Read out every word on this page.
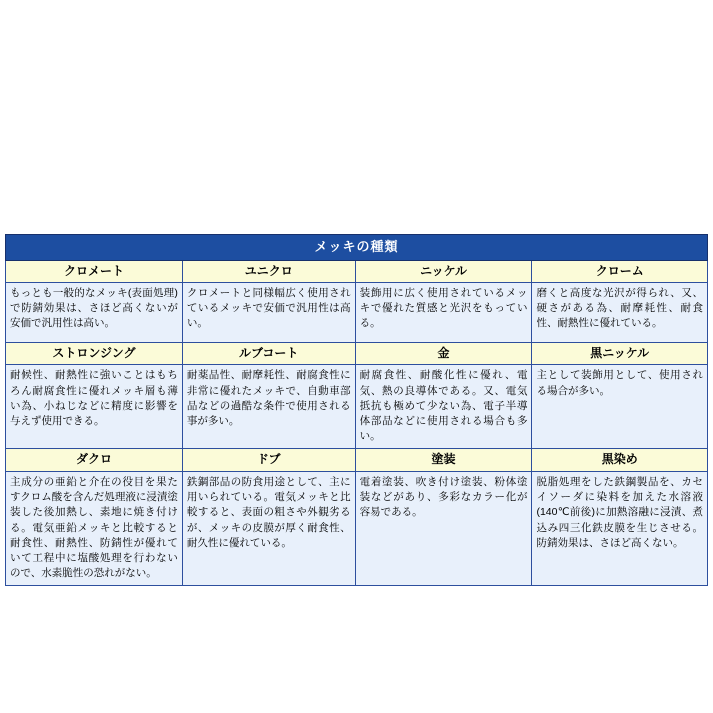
メッキの種類			
クロメート	ユニクロ	ニッケル	クローム

もっとも一般的なメッキ(表面処理)で防錆効果は、さほど高くないが安価で汎用性は高い。	クロメートと同様幅広く使用されているメッキで安価で汎用性は高い。	装飾用に広く使用されているメッキで優れた質感と光沢をもっている。	磨くと高度な光沢が得られ、又、硬さがある為、耐摩耗性、耐食性、耐熱性に優れている。

ストロンジング	ルブコート	金	黒ニッケル

耐候性、耐熱性に強いことはもちろん耐腐食性に優れメッキ層も薄い為、小ねじなどに精度に影響を与えず使用できる。	耐薬品性、耐摩耗性、耐腐食性に非常に優れたメッキで、自動車部品などの過酷な条件で使用される事が多い。	耐腐食性、耐酸化性に優れ、電気、熱の良導体である。又、電気抵抗も極めて少ない為、電子半導体部品などに使用される場合も多い。	主として装飾用として、使用される場合が多い。

ダクロ	ドブ	塗装	黒染め

主成分の亜鉛と介在の役目を果たすクロム酸を含んだ処理液に浸漬塗装した後加熱し、素地に焼き付ける。電気亜鉛メッキと比較すると耐食性、耐熱性、防錆性が優れていて工程中に塩酸処理を行わないので、水素脆性の恐れがない。	鉄鋼部品の防食用途として、主に用いられている。電気メッキと比較すると、表面の粗さや外観劣るが、メッキの皮膜が厚く耐食性、耐久性に優れている。	電着塗装、吹き付け塗装、粉体塗装などがあり、多彩なカラー化が容易である。	脱脂処理をした鉄鋼製品を、カセイソーダに染料を加えた水溶液(140℃前後)に加熱溶融に浸漬、煮込み四三化鉄皮膜を生じさせる。防錆効果は、さほど高くない。
